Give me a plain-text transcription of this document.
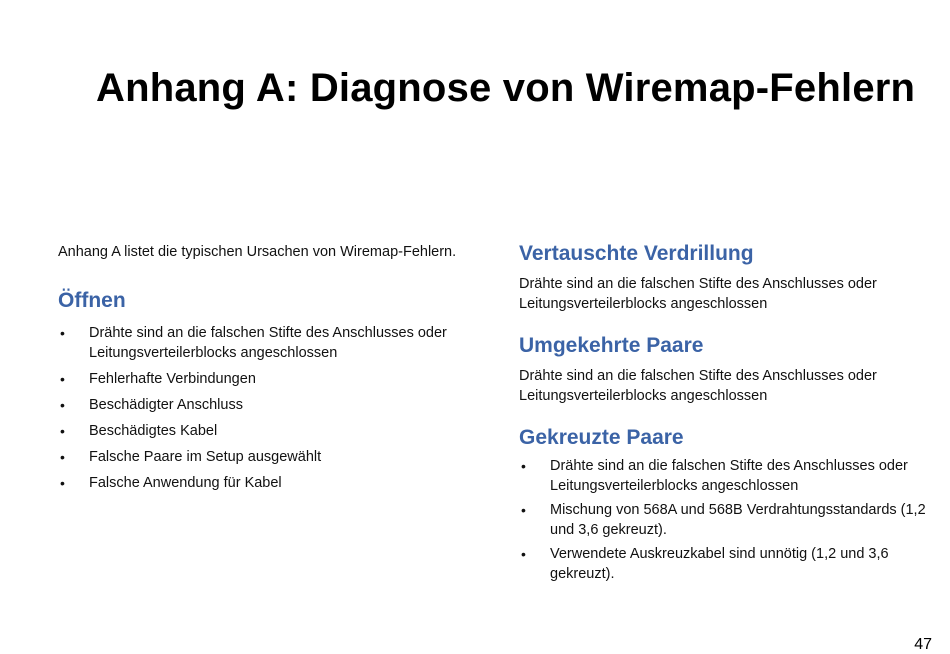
Anhang A: Diagnose von Wiremap-Fehlern

Anhang A listet die typischen Ursachen von Wiremap-Fehlern.

Öffnen
• Drähte sind an die falschen Stifte des Anschlusses oder Leitungsverteilerblocks angeschlossen
• Fehlerhafte Verbindungen
• Beschädigter Anschluss
• Beschädigtes Kabel
• Falsche Paare im Setup ausgewählt
• Falsche Anwendung für Kabel
Vertauschte Verdrillung

Drähte sind an die falschen Stifte des Anschlusses oder Leitungsverteilerblocks angeschlossen

Umgekehrte Paare

Drähte sind an die falschen Stifte des Anschlusses oder Leitungsverteilerblocks angeschlossen

Gekreuzte Paare
• Drähte sind an die falschen Stifte des Anschlusses oder Leitungsverteilerblocks angeschlossen
• Mischung von 568A und 568B Verdrahtungsstandards (1,2 und 3,6 gekreuzt).
• Verwendete Auskreuzkabel sind unnötig (1,2 und 3,6 gekreuzt).
47
